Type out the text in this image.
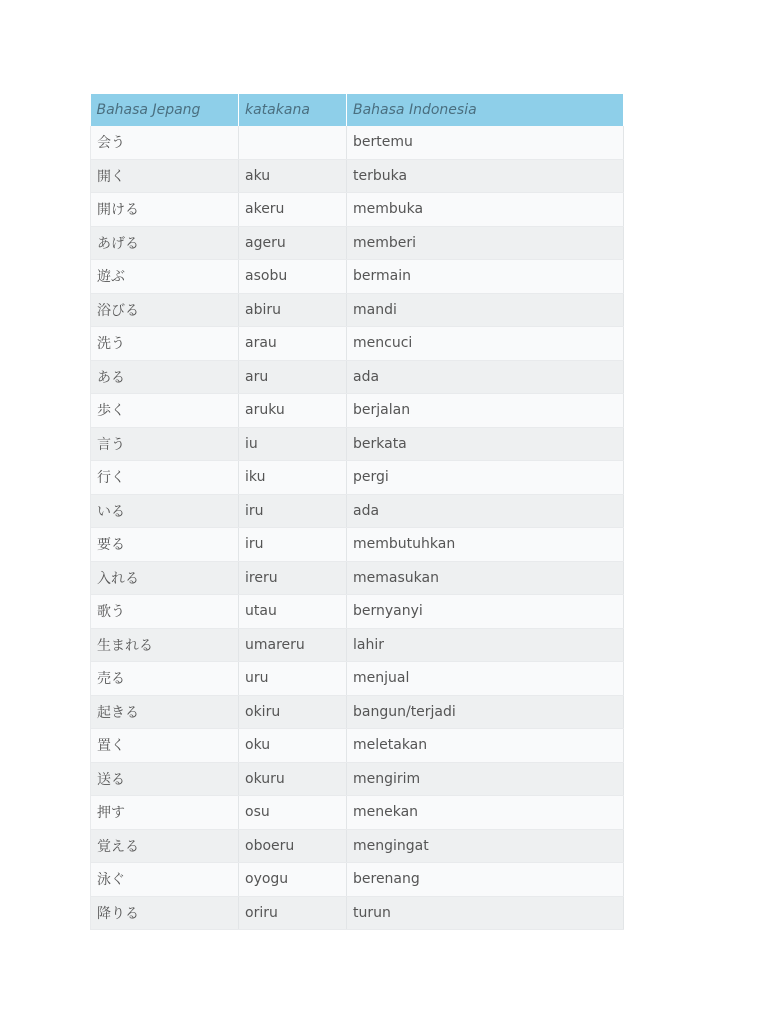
Bahasa Jepang	katakana	Bahasa Indonesia
会う		bertemu
開く	aku	terbuka
開ける	akeru	membuka
あげる	ageru	memberi
遊ぶ	asobu	bermain
浴びる	abiru	mandi
洗う	arau	mencuci
ある	aru	ada
歩く	aruku	berjalan
言う	iu	berkata
行く	iku	pergi
いる	iru	ada
要る	iru	membutuhkan
入れる	ireru	memasukan
歌う	utau	bernyanyi
生まれる	umareru	lahir
売る	uru	menjual
起きる	okiru	bangun/terjadi
置く	oku	meletakan
送る	okuru	mengirim
押す	osu	menekan
覚える	oboeru	mengingat
泳ぐ	oyogu	berenang
降りる	oriru	turun
